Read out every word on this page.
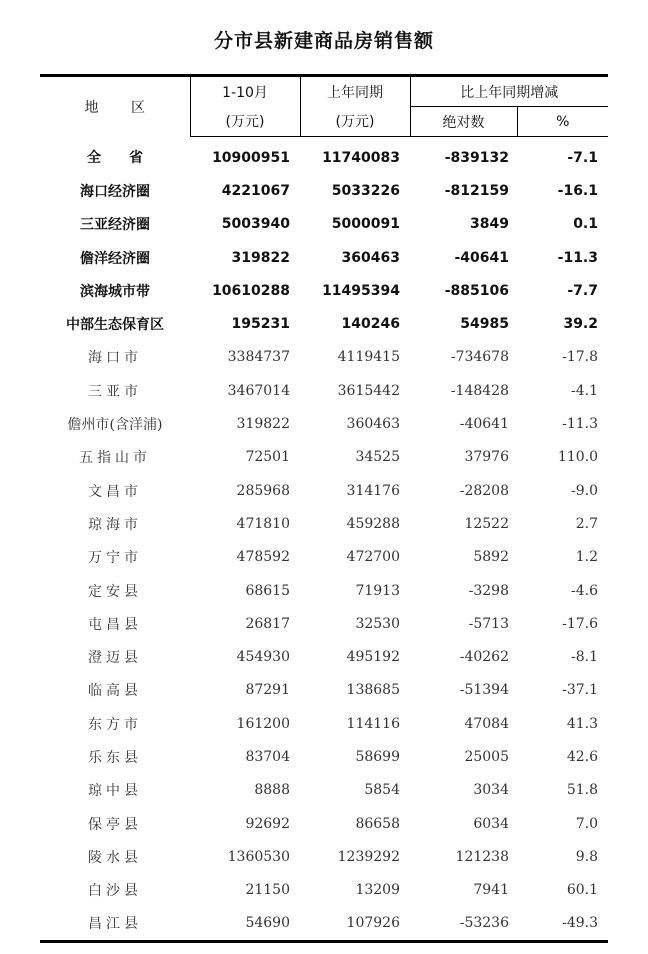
分市县新建商品房销售额
地 区	1-10月	上年同期	比上年同期增减	
	(万元)	(万元)	绝对数	%
全　　省	10900951	11740083	-839132	-7.1
海口经济圈	4221067	5033226	-812159	-16.1
三亚经济圈	5003940	5000091	3849	0.1
儋洋经济圈	319822	360463	-40641	-11.3
滨海城市带	10610288	11495394	-885106	-7.7
中部生态保育区	195231	140246	54985	39.2
海口市	3384737	4119415	-734678	-17.8
三亚市	3467014	3615442	-148428	-4.1
儋州市(含洋浦)	319822	360463	-40641	-11.3
五指山市	72501	34525	37976	110.0
文昌市	285968	314176	-28208	-9.0
琼海市	471810	459288	12522	2.7
万宁市	478592	472700	5892	1.2
定安县	68615	71913	-3298	-4.6
屯昌县	26817	32530	-5713	-17.6
澄迈县	454930	495192	-40262	-8.1
临高县	87291	138685	-51394	-37.1
东方市	161200	114116	47084	41.3
乐东县	83704	58699	25005	42.6
琼中县	8888	5854	3034	51.8
保亭县	92692	86658	6034	7.0
陵水县	1360530	1239292	121238	9.8
白沙县	21150	13209	7941	60.1
昌江县	54690	107926	-53236	-49.3
